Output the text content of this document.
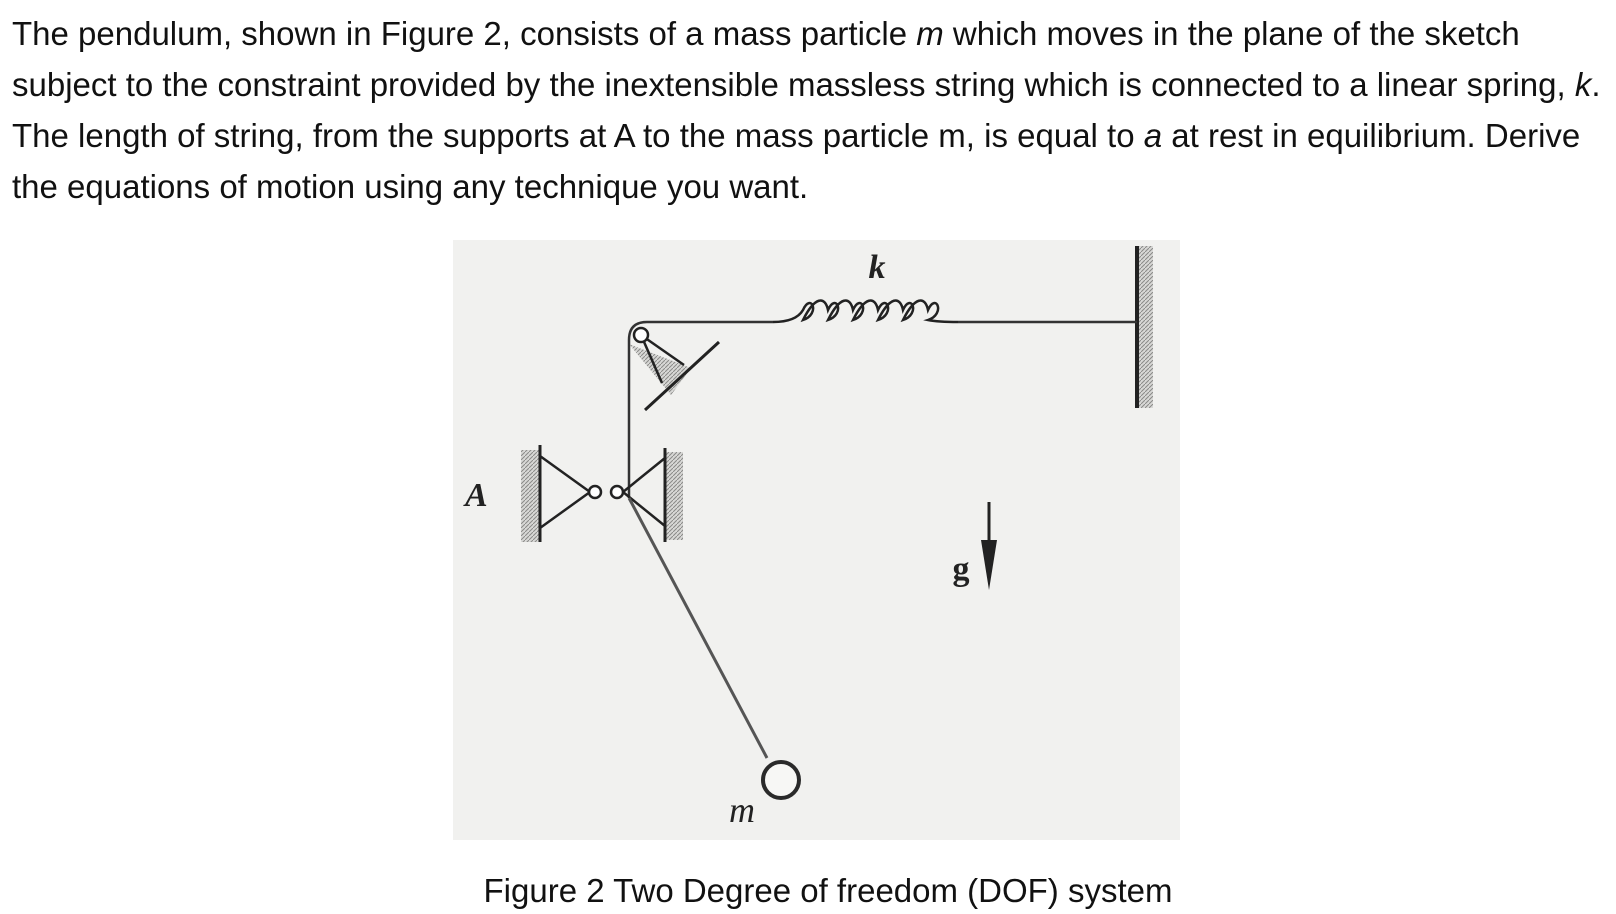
The pendulum, shown in Figure 2, consists of a mass particle m which moves in the plane of the sketch subject to the constraint provided by the inextensible massless string which is connected to a linear spring, k. The length of string, from the supports at A to the mass particle m, is equal to a at rest in equilibrium. Derive the equations of motion using any technique you want.

k
A
m
g
Figure 2 Two Degree of freedom (DOF) system
